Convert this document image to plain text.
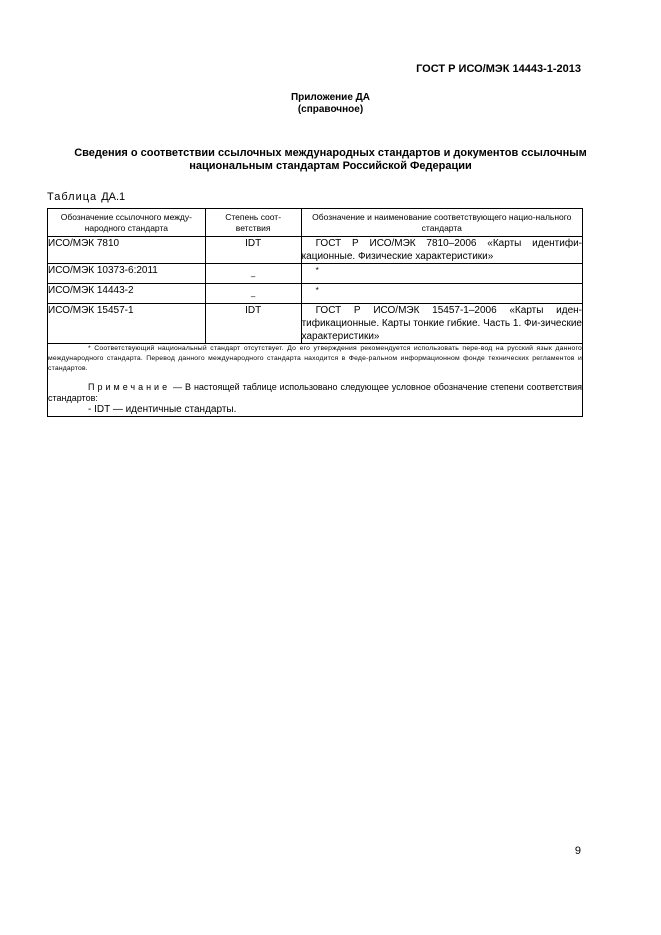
ГОСТ Р ИСО/МЭК 14443-1-2013
Приложение ДА
(справочное)
Сведения о соответствии ссылочных международных стандартов и документов ссылочным
национальным стандартам Российской Федерации
Таблица ДА.1
Обозначение ссылочного между-народного стандарта	Степень соот-ветствия	Обозначение и наименование соответствующего нацио-нального стандарта
ИСО/МЭК 7810	IDT	ГОСТ Р ИСО/МЭК 7810–2006 «Карты идентифи-кационные. Физические характеристики»
ИСО/МЭК 10373-6:2011	–	*
ИСО/МЭК 14443-2	–	*
ИСО/МЭК 15457-1	IDT	ГОСТ Р ИСО/МЭК 15457-1–2006 «Карты иден-тификационные. Карты тонкие гибкие. Часть 1. Фи-зические характеристики»

* Соответствующий национальный стандарт отсутствует. До его утверждения рекомендуется использовать пере-вод на русский язык данного международного стандарта. Перевод данного международного стандарта находится в Феде-ральном информационном фонде технических регламентов и стандартов.
Примечание — В настоящей таблице использовано следующее условное обозначение степени соответствия стандартов:
- IDT — идентичные стандарты.		
9
